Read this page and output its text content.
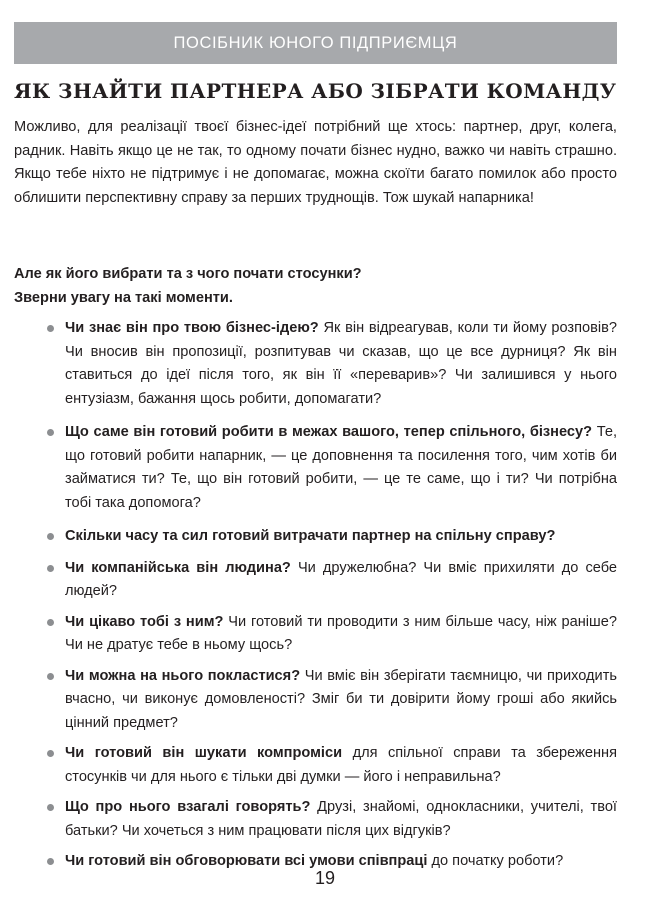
ПОСІБНИК ЮНОГО ПІДПРИЄМЦЯ
ЯК ЗНАЙТИ ПАРТНЕРА АБО ЗІБРАТИ КОМАНДУ

Можливо, для реалізації твоєї бізнес-ідеї потрібний ще хтось: партнер, друг, колега, радник. Навіть якщо це не так, то одному почати бізнес нудно, важко чи навіть страшно. Якщо тебе ніхто не підтримує і не допомагає, можна скоїти багато помилок або просто облишити перспективну справу за перших труднощів. Тож шукай напарника!

Але як його вибрати та з чого почати стосунки?
Зверни увагу на такі моменти.
Чи знає він про твою бізнес-ідею? Як він відреагував, коли ти йому розповів? Чи вносив він пропозиції, розпитував чи сказав, що це все дурниця? Як він ставиться до ідеї після того, як він її «переварив»? Чи залишився у нього ентузіазм, бажання щось робити, допомагати?
Що саме він готовий робити в межах вашого, тепер спільного, бізнесу? Те, що готовий робити напарник, — це доповнення та посилення того, чим хотів би займатися ти? Те, що він готовий робити, — це те саме, що і ти? Чи потрібна тобі така допомога?
Скільки часу та сил готовий витрачати партнер на спільну справу?
Чи компанійська він людина? Чи дружелюбна? Чи вміє прихиляти до себе людей?
Чи цікаво тобі з ним? Чи готовий ти проводити з ним більше часу, ніж раніше? Чи не дратує тебе в ньому щось?
Чи можна на нього покластися? Чи вміє він зберігати таємницю, чи приходить вчасно, чи виконує домовленості? Зміг би ти довірити йому гроші або якийсь цінний предмет?
Чи готовий він шукати компроміси для спільної справи та збереження стосунків чи для нього є тільки дві думки — його і неправильна?
Що про нього взагалі говорять? Друзі, знайомі, однокласники, учителі, твої батьки? Чи хочеться з ним працювати після цих відгуків?
Чи готовий він обговорювати всі умови співпраці до початку роботи?
19
